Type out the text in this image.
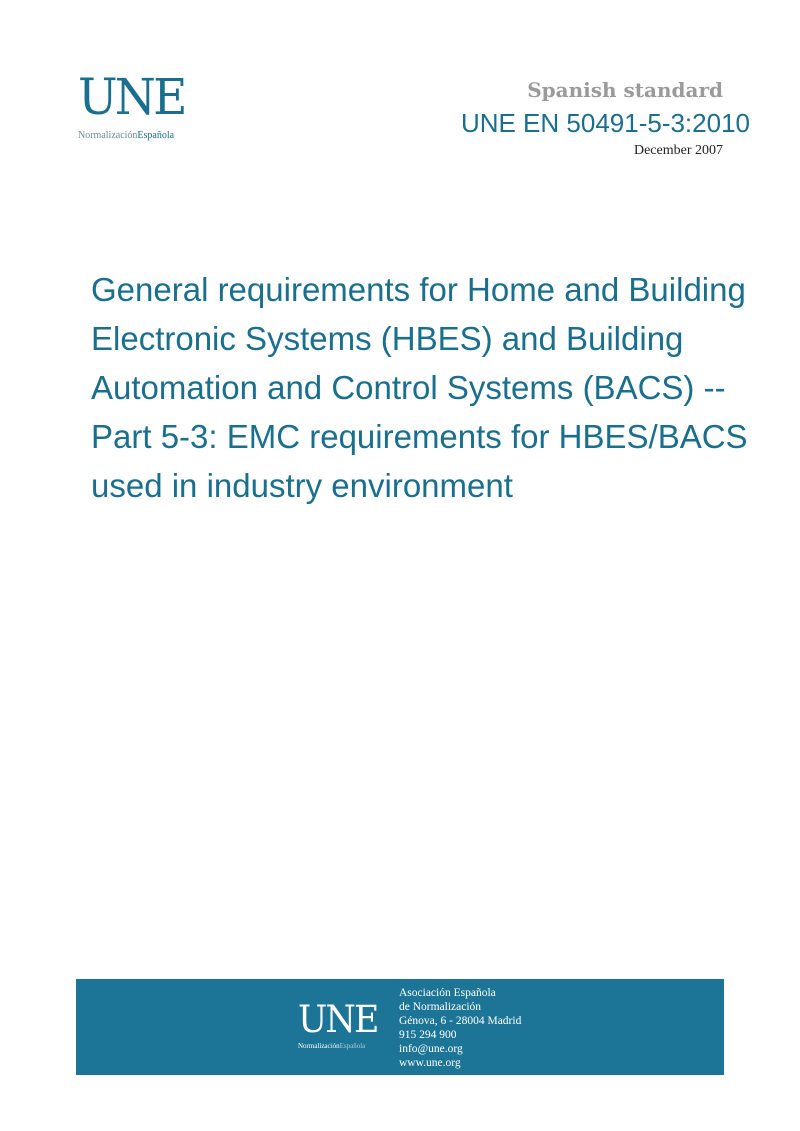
UNE
NormalizaciónEspañola
Spanish standard
UNE EN 50491-5-3:2010
December 2007
General requirements for Home and Building
Electronic Systems (HBES) and Building
Automation and Control Systems (BACS) --
Part 5-3: EMC requirements for HBES/BACS
used in industry environment
UNE
NormalizaciónEspañola
Asociación Española
de Normalización
Génova, 6 - 28004 Madrid
915 294 900
info@une.org
www.une.org
